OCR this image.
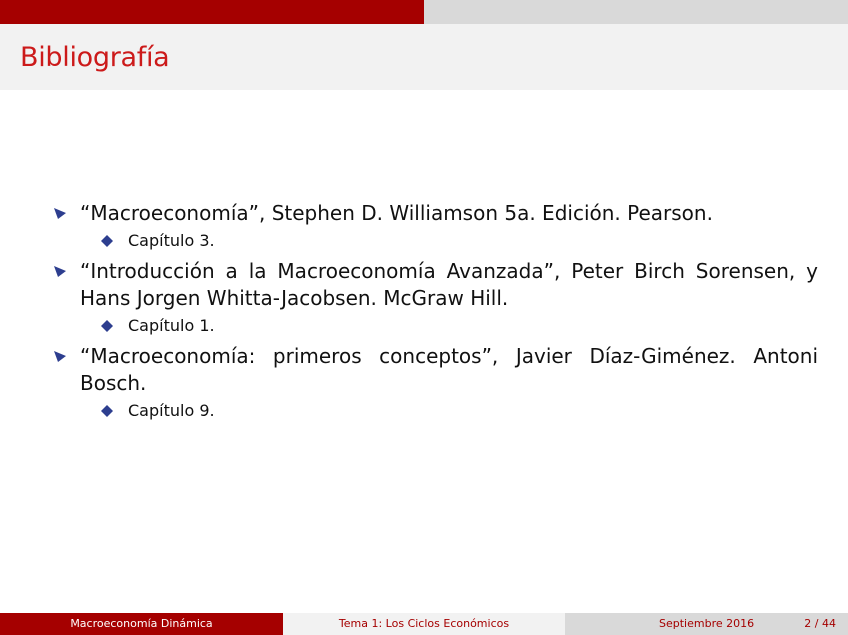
Bibliografía
“Macroeconomía”, Stephen D. Williamson 5a. Edición. Pearson.
Capítulo 3.
“Introducción a la Macroeconomía Avanzada”, Peter Birch Sorensen, y Hans Jorgen Whitta-Jacobsen. McGraw Hill.
Capítulo 1.
“Macroeconomía: primeros conceptos”, Javier Díaz-Giménez. Antoni Bosch.
Capítulo 9.
Macroeconomía Dinámica	Tema 1: Los Ciclos Económicos	Septiembre 2016	2 / 44
